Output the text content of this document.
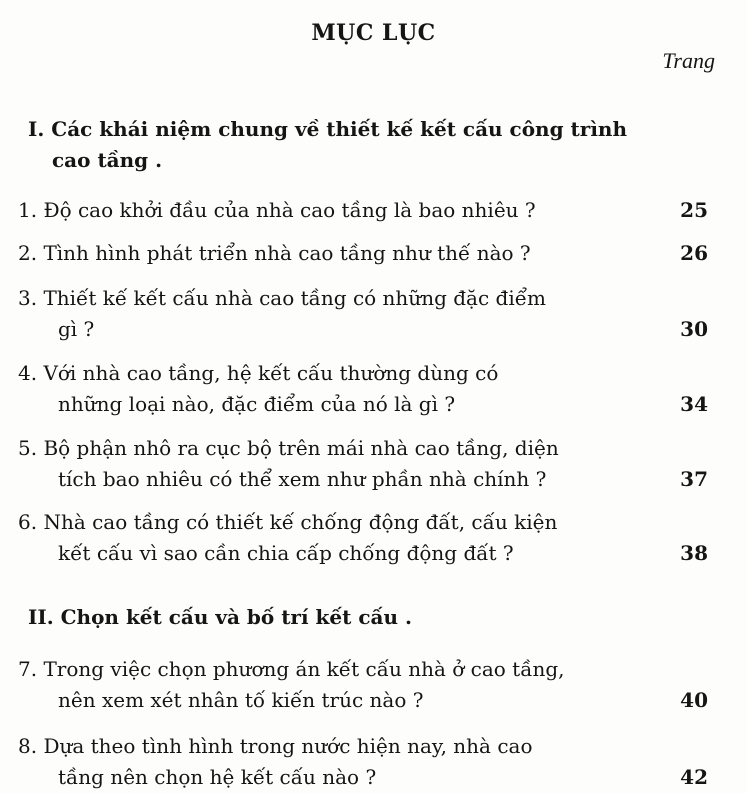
MỤC LỤC
Trang
I. Các khái niệm chung về thiết kế kết cấu công trình
cao tầng .
1. Độ cao khởi đầu của nhà cao tầng là bao nhiêu ?	25
2. Tình hình phát triển nhà cao tầng như thế nào ?	26
3. Thiết kế kết cấu nhà cao tầng có những đặc điểm
gì ?	30
4. Với nhà cao tầng, hệ kết cấu thường dùng có
những loại nào, đặc điểm của nó là gì ?	34
5. Bộ phận nhô ra cục bộ trên mái nhà cao tầng, diện
tích bao nhiêu có thể xem như phần nhà chính ?	37
6. Nhà cao tầng có thiết kế chống động đất, cấu kiện
kết cấu vì sao cần chia cấp chống động đất ?	38
II. Chọn kết cấu và bố trí kết cấu .
7. Trong việc chọn phương án kết cấu nhà ở cao tầng,
nên xem xét nhân tố kiến trúc nào ?	40
8. Dựa theo tình hình trong nước hiện nay, nhà cao
tầng nên chọn hệ kết cấu nào ?	42
